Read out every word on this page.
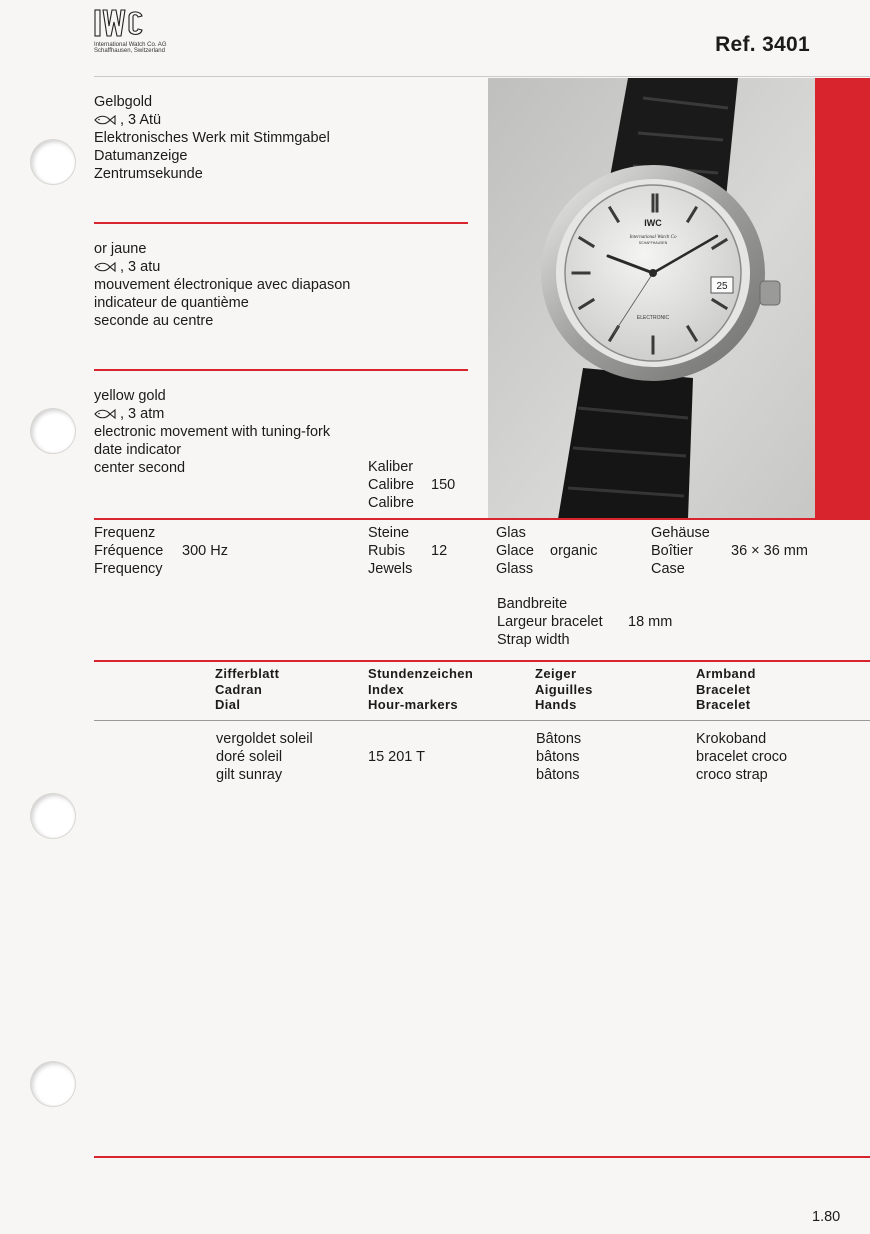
International Watch Co. AG
Schaffhausen, Switzerland	Ref. 3401
25
IWC
International Watch Co
SCHAFFHAUSEN
ELECTRONIC
Gelbgold
, 3 Atü
Elektronisches Werk mit Stimmgabel
Datumanzeige
Zentrumsekunde
or jaune
, 3 atu
mouvement électronique avec diapason
indicateur de quantième
seconde au centre
yellow gold
, 3 atm
electronic movement with tuning-fork
date indicator
center second	Kaliber
Calibre
Calibre
150
Frequenz
Fréquence
Frequency
300 Hz
Steine
Rubis
Jewels
12
Glas
Glace
Glass
organic
Gehäuse
Boîtier
Case
36 × 36 mm
Bandbreite
Largeur bracelet
Strap width
18 mm
Zifferblatt
Cadran
Dial
Stundenzeichen
Index
Hour-markers
Zeiger
Aiguilles
Hands
Armband
Bracelet
Bracelet
vergoldet soleil
doré soleil
gilt sunray
15 201 T
Bâtons
bâtons
bâtons
Krokoband
bracelet croco
croco strap
1.80
